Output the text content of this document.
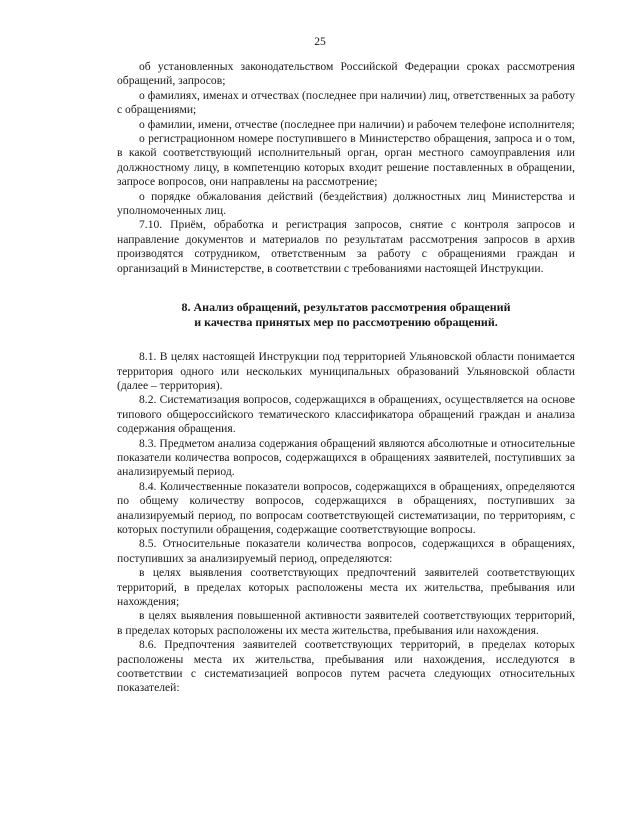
25

об установленных законодательством Российской Федерации сроках рассмотрения обращений, запросов;

о фамилиях, именах и отчествах (последнее при наличии) лиц, ответственных за работу с обращениями;

о фамилии, имени, отчестве (последнее при наличии) и рабочем телефоне исполнителя;

о регистрационном номере поступившего в Министерство обращения, запроса и о том, в какой соответствующий исполнительный орган, орган местного самоуправления или должностному лицу, в компетенцию которых входит решение поставленных в обращении, запросе вопросов, они направлены на рассмотрение;

о порядке обжалования действий (бездействия) должностных лиц Министерства и уполномоченных лиц.

7.10. Приём, обработка и регистрация запросов, снятие с контроля запросов и направление документов и материалов по результатам рассмотрения запросов в архив производятся сотрудником, ответственным за работу с обращениями граждан и организаций в Министерстве, в соответствии с требованиями настоящей Инструкции.

8. Анализ обращений, результатов рассмотрения обращений
и качества принятых мер по рассмотрению обращений.

8.1. В целях настоящей Инструкции под территорией Ульяновской области понимается территория одного или нескольких муниципальных образований Ульяновской области (далее – территория).

8.2. Систематизация вопросов, содержащихся в обращениях, осуществляется на основе типового общероссийского тематического классификатора обращений граждан и анализа содержания обращения.

8.3. Предметом анализа содержания обращений являются абсолютные и относительные показатели количества вопросов, содержащихся в обращениях заявителей, поступивших за анализируемый период.

8.4. Количественные показатели вопросов, содержащихся в обращениях, определяются по общему количеству вопросов, содержащихся в обращениях, поступивших за анализируемый период, по вопросам соответствующей систематизации, по территориям, с которых поступили обращения, содержащие соответствующие вопросы.

8.5. Относительные показатели количества вопросов, содержащихся в обращениях, поступивших за анализируемый период, определяются:

в целях выявления соответствующих предпочтений заявителей соответствующих территорий, в пределах которых расположены места их жительства, пребывания или нахождения;

в целях выявления повышенной активности заявителей соответствующих территорий, в пределах которых расположены их места жительства, пребывания или нахождения.

8.6. Предпочтения заявителей соответствующих территорий, в пределах которых расположены места их жительства, пребывания или нахождения, исследуются в соответствии с систематизацией вопросов путем расчета следующих относительных показателей:
